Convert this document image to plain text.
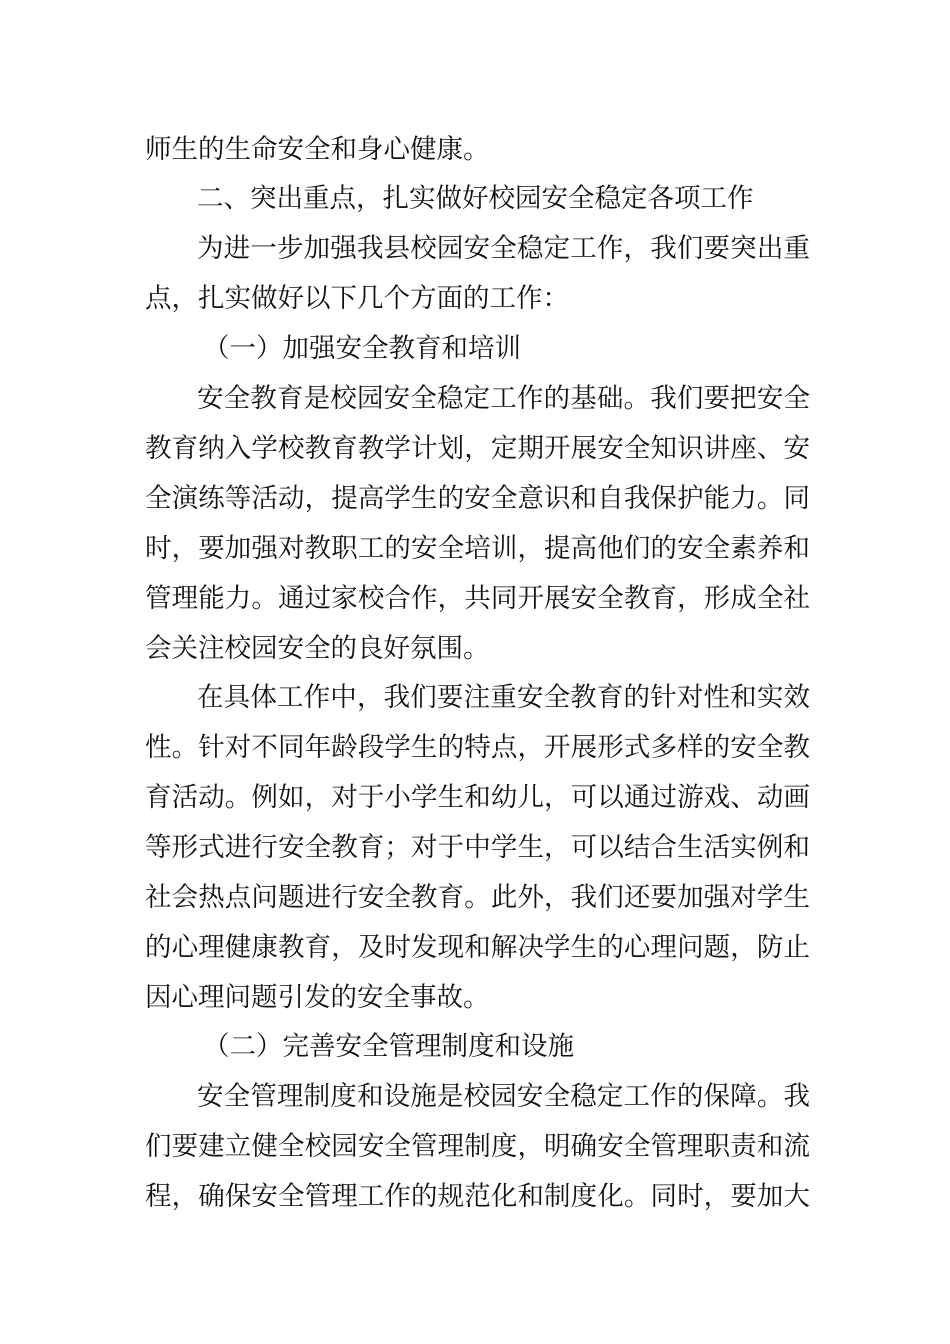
师生的生命安全和身心健康。
二、突出重点，扎实做好校园安全稳定各项工作
为进一步加强我县校园安全稳定工作，我们要突出重
点，扎实做好以下几个方面的工作：
（一）加强安全教育和培训
安全教育是校园安全稳定工作的基础。我们要把安全
教育纳入学校教育教学计划，定期开展安全知识讲座、安
全演练等活动，提高学生的安全意识和自我保护能力。同
时，要加强对教职工的安全培训，提高他们的安全素养和
管理能力。通过家校合作，共同开展安全教育，形成全社
会关注校园安全的良好氛围。
在具体工作中，我们要注重安全教育的针对性和实效
性。针对不同年龄段学生的特点，开展形式多样的安全教
育活动。例如，对于小学生和幼儿，可以通过游戏、动画
等形式进行安全教育；对于中学生，可以结合生活实例和
社会热点问题进行安全教育。此外，我们还要加强对学生
的心理健康教育，及时发现和解决学生的心理问题，防止
因心理问题引发的安全事故。
（二）完善安全管理制度和设施
安全管理制度和设施是校园安全稳定工作的保障。我
们要建立健全校园安全管理制度，明确安全管理职责和流
程，确保安全管理工作的规范化和制度化。同时，要加大
